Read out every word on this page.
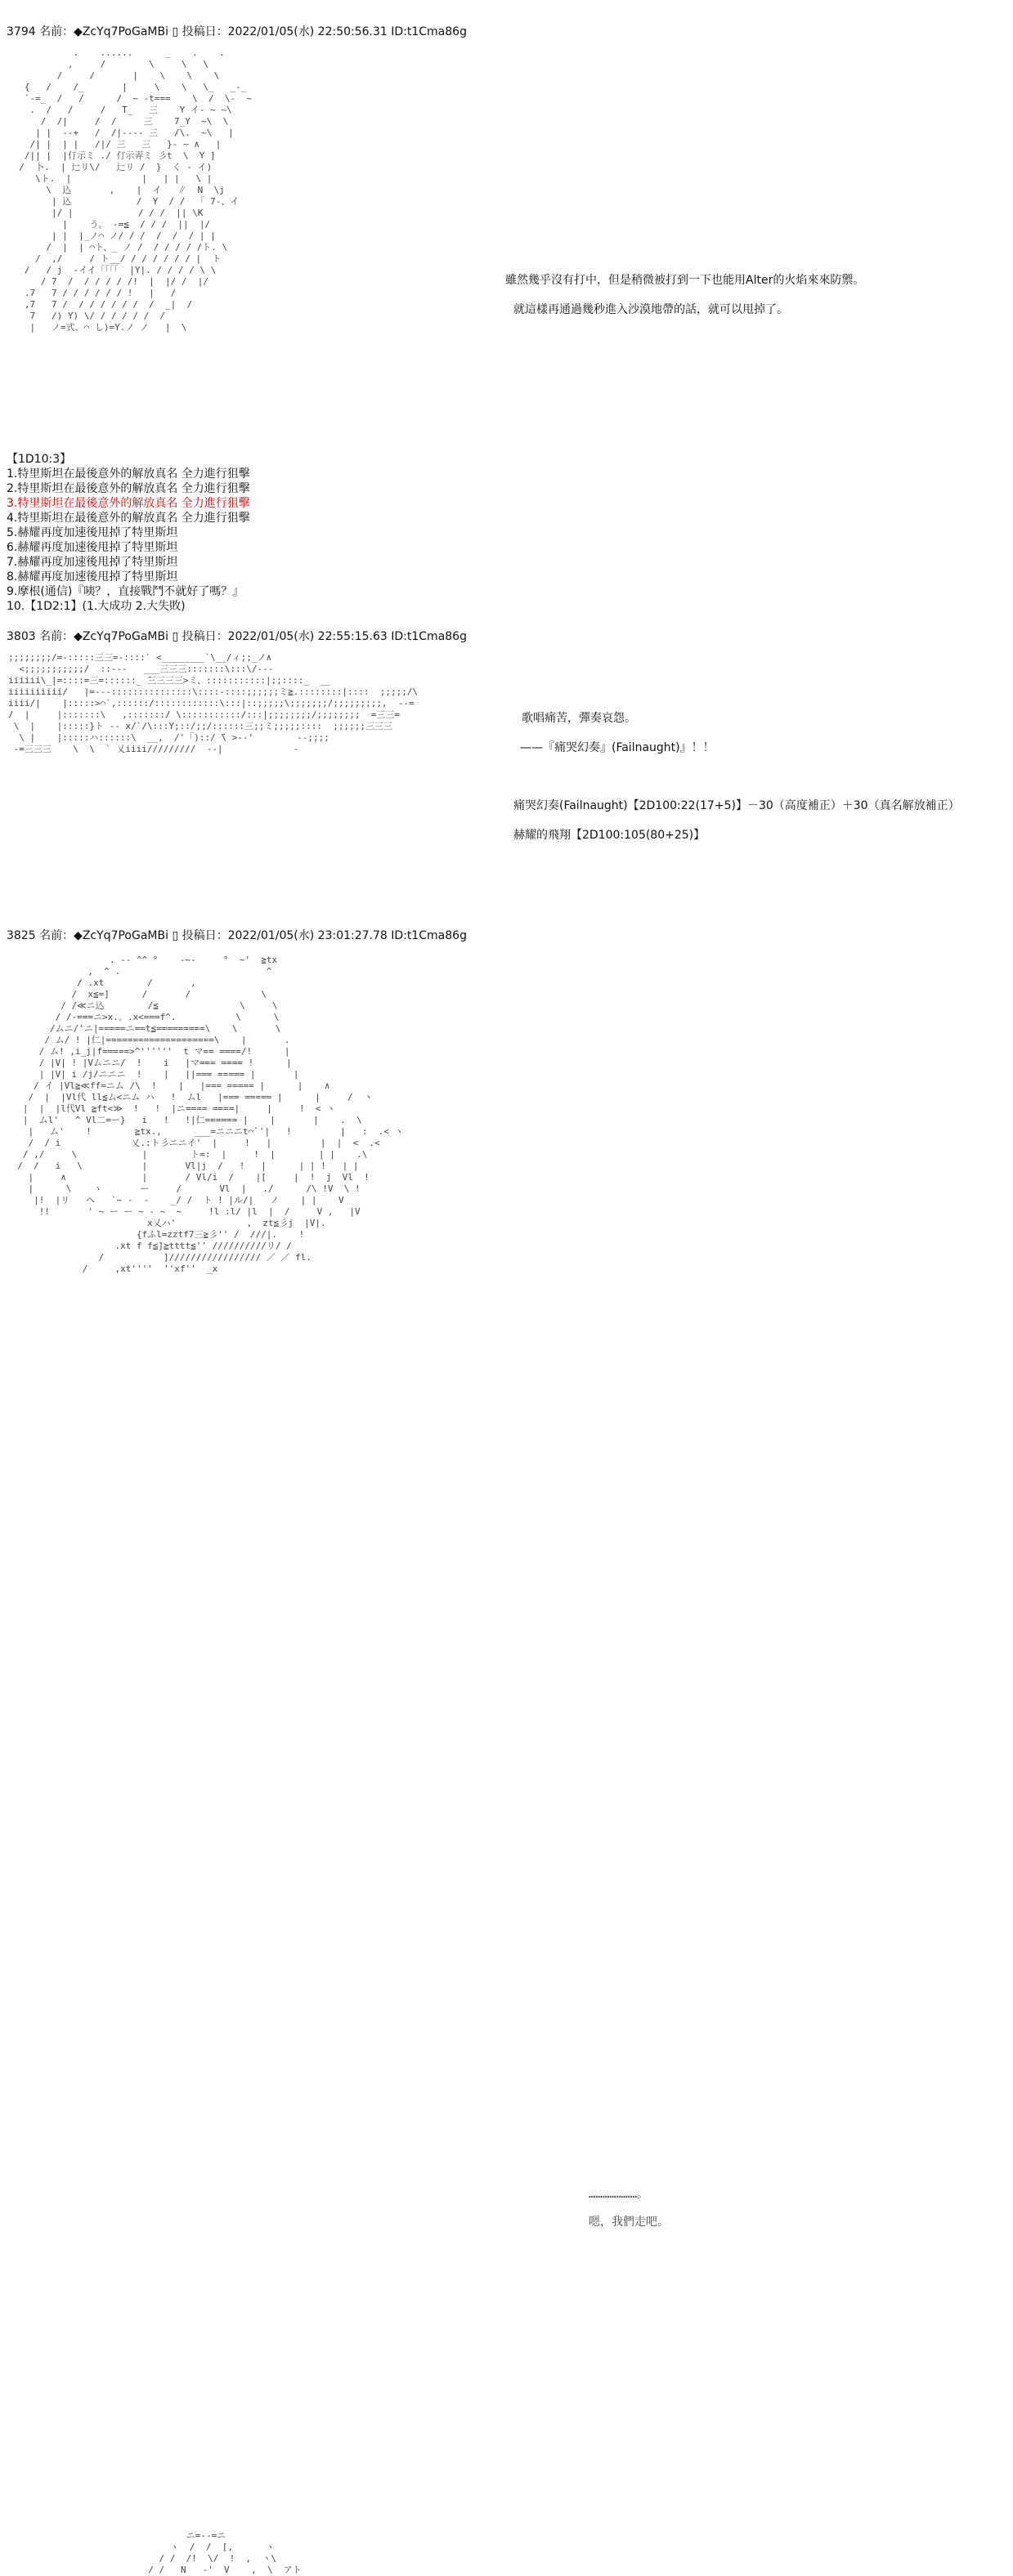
3794 名前：◆ZcYq7PoGaMBi ▯ 投稿日：2022/01/05(水) 22:50:56.31 ID:t1Cma86g
.    ......      _    .    .
,     /        \     \   \
/     /       |    \    \    \
{   /    /_       |     \    \   \_   _-_
`-=_  /   /      /  ~ -t===    \  /  \-  ~
.  /   /     /   T_   三    Y イ- ~ ~\
/  /|     /  /     三    7_Y  ~\  \
| |  --+   /  /|---- 三   /\.  ~\   |
/| |  | |   /|/ 三   三   }- ~ ∧   |
/|| |  |仃示ミ ./ 仃示弄ミ 彡t  \  Y ]
/  卜.  | 辷リ\/   辷リ /  }  く - イ)
\ト.  |             |   | |   \ |
\  込       ,    |  イ   ∥  N  \j
| 込            /  Y  / /  「 7-、イ
|/ |            / / /  || \K
|    う。 -=≦  / / /  ||  |/
| |  |_ノ⌒ ノ/ / /  /  /  / | |
/  |  | ⌒ト、_ ノ /  / / / / /ト. \
/  ,/     / ト__/ / / / / / / |  ト
/   / j  -イイ「「「「  |Y|. / / / / \ \
/ 7  /  / / / / /!  |  |/ /  |/
.7   7 / / / / / / !   |   /
,7   7 /  / / / / / /  /  _|  /
7   /) Y) \/ / / / / /  /
|   ノ=式、⌒ し)=Y.ノ ノ   |  \
雖然幾乎沒有打中，但是稍微被打到一下也能用Alter的火焰來來防禦。
就這樣再通過幾秒進入沙漠地帶的話，就可以甩掉了。
【1D10:3】
1.特里斯坦在最後意外的解放真名 全力進行狙擊
2.特里斯坦在最後意外的解放真名 全力進行狙擊
3.特里斯坦在最後意外的解放真名 全力進行狙擊
4.特里斯坦在最後意外的解放真名 全力進行狙擊
5.赫耀再度加速後甩掉了特里斯坦
6.赫耀再度加速後甩掉了特里斯坦
7.赫耀再度加速後甩掉了特里斯坦
8.赫耀再度加速後甩掉了特里斯坦
9.摩根(通信)『咦？，直接戰鬥不就好了嗎？』
10.【1D2:1】(1.大成功 2.大失敗)
3803 名前：◆ZcYq7PoGaMBi ▯ 投稿日：2022/01/05(水) 22:55:15.63 ID:t1Cma86g
;;;;;;;;/=-:::::三三=-::::` <________`\__/ィ;;_ノ∧
<;;;;;;;;;;;/  ::---   ___三三三:::::::\:::\/---
iiiiii\_|=::::=三=::::::_ ̄三三三三>ミ、:::::::::::|;;::::_  __
iiiiiiiiii/   |=---:::::::::::::::\::::-::::;;;;;;ミ≧.::::::::|::::  ;;;;;/\
iiii/|    |:::::>⌒`,::::::/::::::::::::\:::|::;;;;;\;;;;;;;/;;;;;;;;;,  --=
/  |     |:::::::\   ,:::::::/ \:::::::::::/:::|;;;;;;;;/;;;;;;;;  =三三=
\  |    |:::::}ト -- x/`/\:::Y;::/;;/::::::三;;ミ;;;;;::::  ;;;;;;三三三
\ |    |:::::ハ::::::\  __,  /'「)::/ ̄\ >--'        --;;;;
-=三三三    \  \  ` 乂iiii/////////  --|             -
歌唱痛苦，彈奏哀怨。
——『痛哭幻奏』(Failnaught)』！！
痛哭幻奏(Failnaught)【2D100:22(17+5)】－30（高度補正）＋30（真名解放補正）
赫耀的飛翔【2D100:105(80+25)】
3825 名前：◆ZcYq7PoGaMBi ▯ 投稿日：2022/01/05(水) 23:01:27.78 ID:t1Cma86g
. -- ^^ °    -~-     °  ~'  ≧tx
,  ^ .                           ^
/ .xt        /       ,
/  x≦=]      /       /             \
/ /≪ニ込        /≦               \     \
/ /-===ニ>x.。.x<===f^.           \      \
/ムニ/'ニ|=====ニ==t≦=========\    \       \
/ ム/ ! |仁|====================\    |       .
/ ム! ,i_j|f=====>^''''''  t マ== ====/!      |
/ |V| ! |Vムニニ/  !    i   |マ=== ==== !      |
| |V| i /j/ニニニ  !    |   ||=== ===== |       |
/ イ |Vl≧≪ff=ニム /\  !    |   |=== ===== |      |    ∧
/  |  |Vl代 ll≦ム<ニム ハ   !  ムl   |=== ===== |      |     /  ヽ
|  |  |l代Vl ≧ft<≫  !   !  |ニ==== ====|     |     !  < ヽ
|  ムl'   ^ Vl二=ー}   i   !   !|仁====== |    |       |    .  \
|   ム'    !        ≧tx.,      ___=ニニニt⌒`'|   !         |   :  .< ヽ
/  / i             乂.:ト彡ニニイ'  |     !   |         |  |  <  .<
/ ,/     \            |        ト=:  |     !  |        | |    .\
/  /   i   \           |       Vl|j  /   !   |      | | !   | |
|     ∧              |       / Vl/i  /    |[     |  !  j  Vl  !
|      \    ヽ       ー     /       Vl  |   ./      /\ !V  \ !
|!  |リ   ヘ   `~ -  ‐    _/ /  ト ! |ル/|   ノ    | |    V
!!       ' ~ ー ー ~ - ~  ~     !l :l/ |l  |  /     V ,   |V
x乂ハ'             ,  zt≦彡j  |V|.
{fふl=zztf7三≧彡'' /  ///|.    !
.xt f f≦]≧tttt≦'' //////////リ/ /
/           ]///////////////// ／ ／ fl.
/     ,xt''''  ''xf''  _x

…………………。

嗯，我們走吧。

ニ=-‐=ニ
ヽ  /  /  [,      ヽ
/ /  /!  \/  !  ,  ヽ\
/ /   N   -'  V    ,  \  アト
